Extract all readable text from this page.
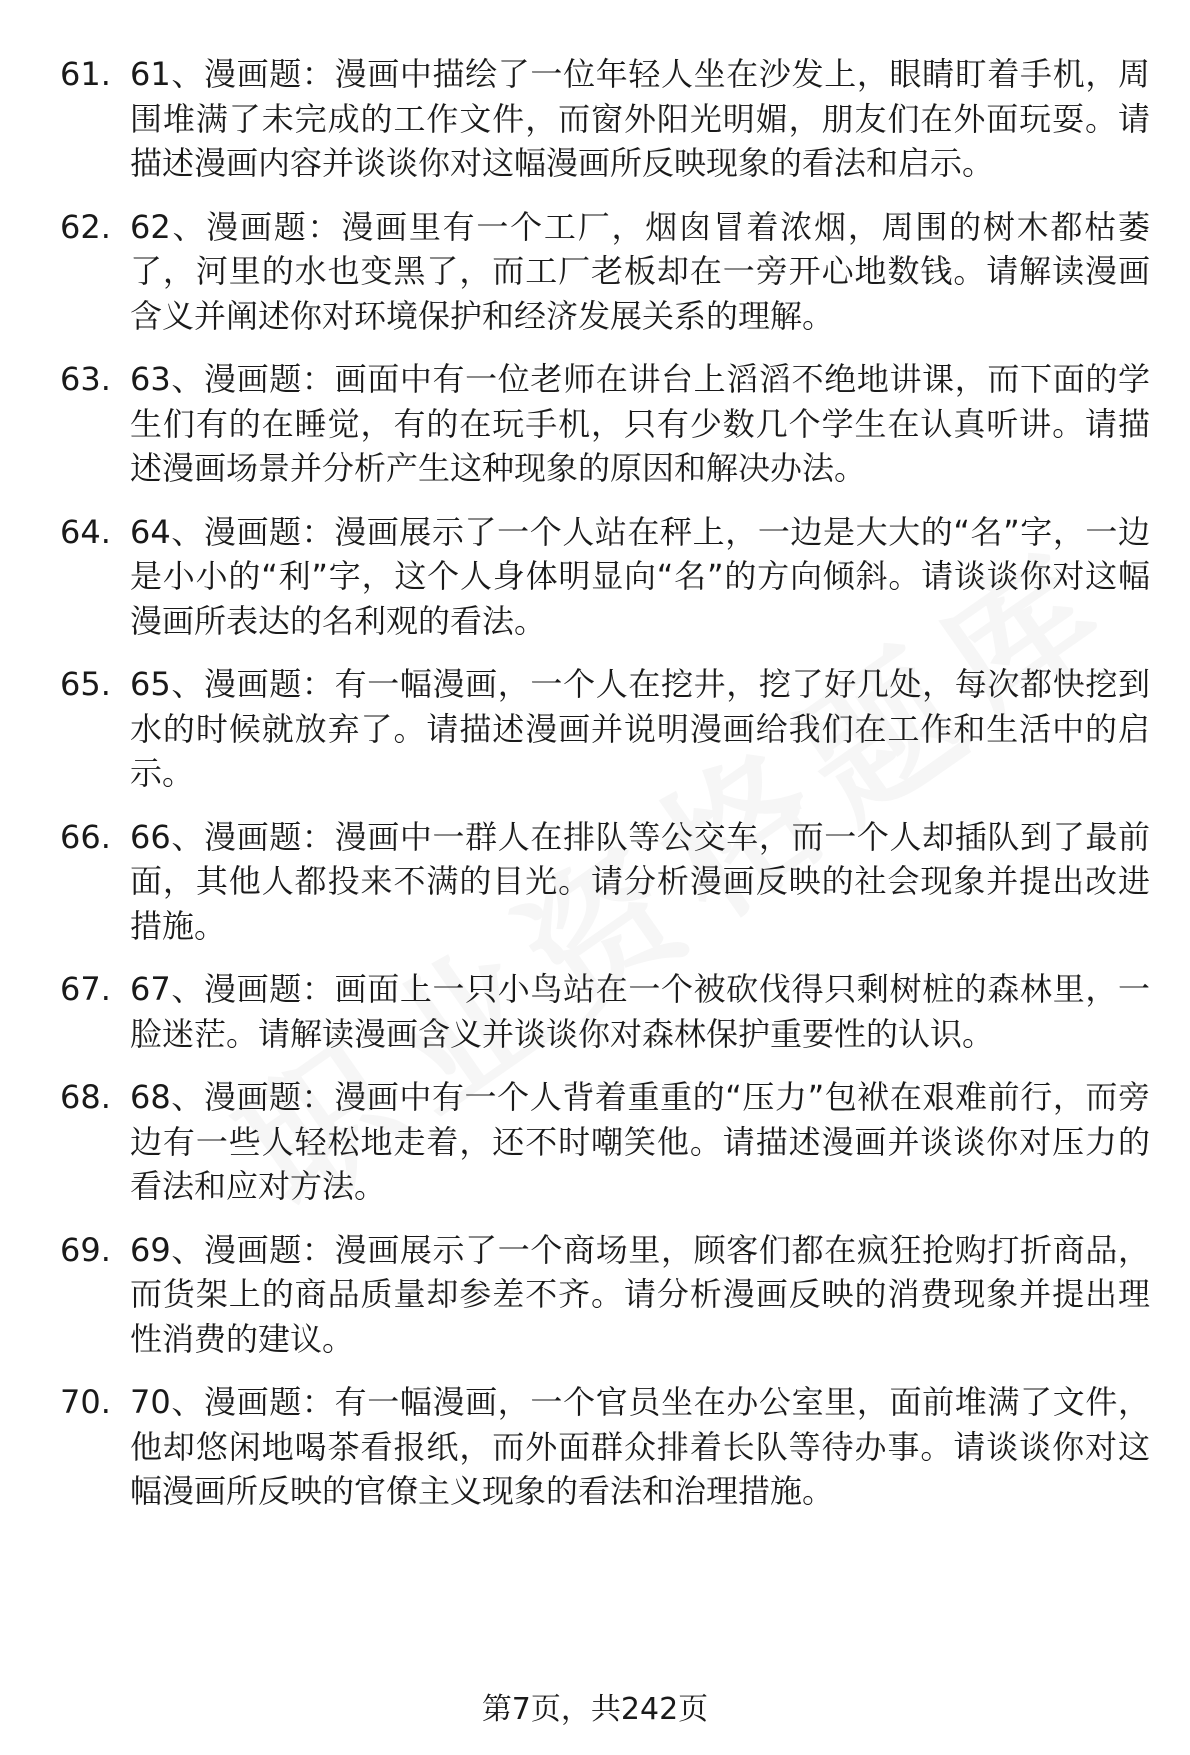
61. 61、漫画题：漫画中描绘了一位年轻人坐在沙发上，眼睛盯着手机，周围堆满了未完成的工作文件，而窗外阳光明媚，朋友们在外面玩耍。请描述漫画内容并谈谈你对这幅漫画所反映现象的看法和启示。
62. 62、漫画题：漫画里有一个工厂，烟囱冒着浓烟，周围的树木都枯萎了，河里的水也变黑了，而工厂老板却在一旁开心地数钱。请解读漫画含义并阐述你对环境保护和经济发展关系的理解。
63. 63、漫画题：画面中有一位老师在讲台上滔滔不绝地讲课，而下面的学生们有的在睡觉，有的在玩手机，只有少数几个学生在认真听讲。请描述漫画场景并分析产生这种现象的原因和解决办法。
64. 64、漫画题：漫画展示了一个人站在秤上，一边是大大的“名”字，一边是小小的“利”字，这个人身体明显向“名”的方向倾斜。请谈谈你对这幅漫画所表达的名利观的看法。
65. 65、漫画题：有一幅漫画，一个人在挖井，挖了好几处，每次都快挖到水的时候就放弃了。请描述漫画并说明漫画给我们在工作和生活中的启示。
66. 66、漫画题：漫画中一群人在排队等公交车，而一个人却插队到了最前面，其他人都投来不满的目光。请分析漫画反映的社会现象并提出改进措施。
67. 67、漫画题：画面上一只小鸟站在一个被砍伐得只剩树桩的森林里，一脸迷茫。请解读漫画含义并谈谈你对森林保护重要性的认识。
68. 68、漫画题：漫画中有一个人背着重重的“压力”包袱在艰难前行，而旁边有一些人轻松地走着，还不时嘲笑他。请描述漫画并谈谈你对压力的看法和应对方法。
69. 69、漫画题：漫画展示了一个商场里，顾客们都在疯狂抢购打折商品，而货架上的商品质量却参差不齐。请分析漫画反映的消费现象并提出理性消费的建议。
70. 70、漫画题：有一幅漫画，一个官员坐在办公室里，面前堆满了文件，他却悠闲地喝茶看报纸，而外面群众排着长队等待办事。请谈谈你对这幅漫画所反映的官僚主义现象的看法和治理措施。
第7页，共242页
